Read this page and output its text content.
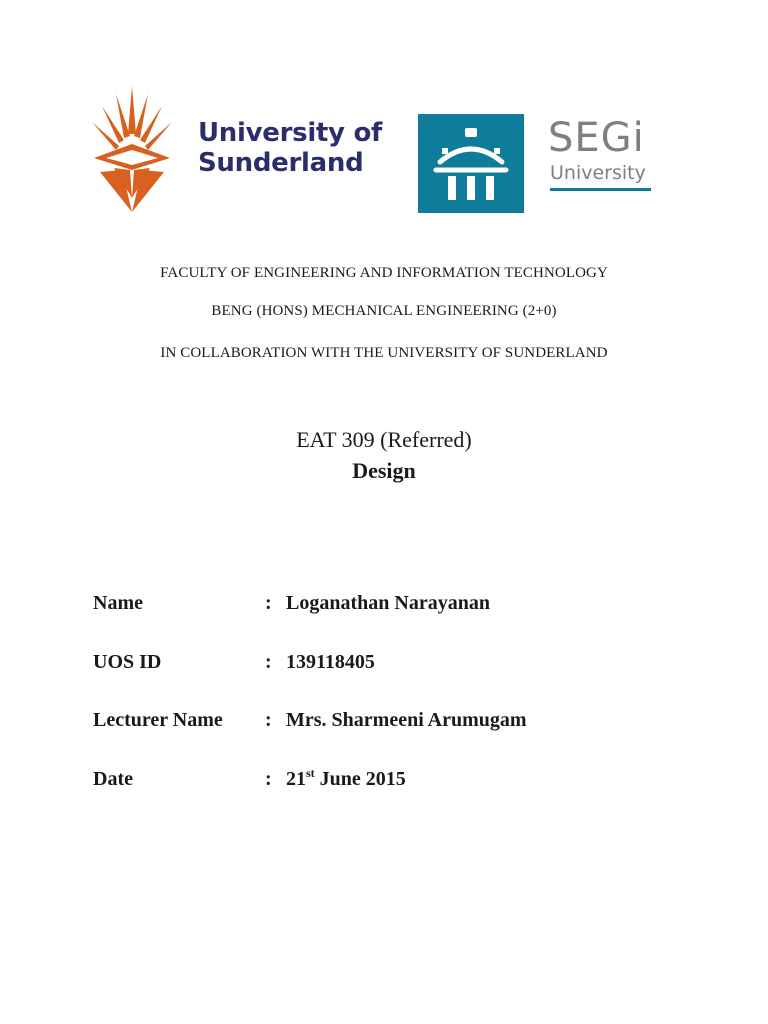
University of
Sunderland
SEGi
University
FACULTY OF ENGINEERING AND INFORMATION TECHNOLOGY
BENG (HONS) MECHANICAL ENGINEERING (2+0)
IN COLLABORATION WITH THE UNIVERSITY OF SUNDERLAND
EAT 309 (Referred)
Design
Name	: Loganathan Narayanan
UOS ID	: 139118405
Lecturer Name : Mrs. Sharmeeni Arumugam
Date	: 21st June 2015
